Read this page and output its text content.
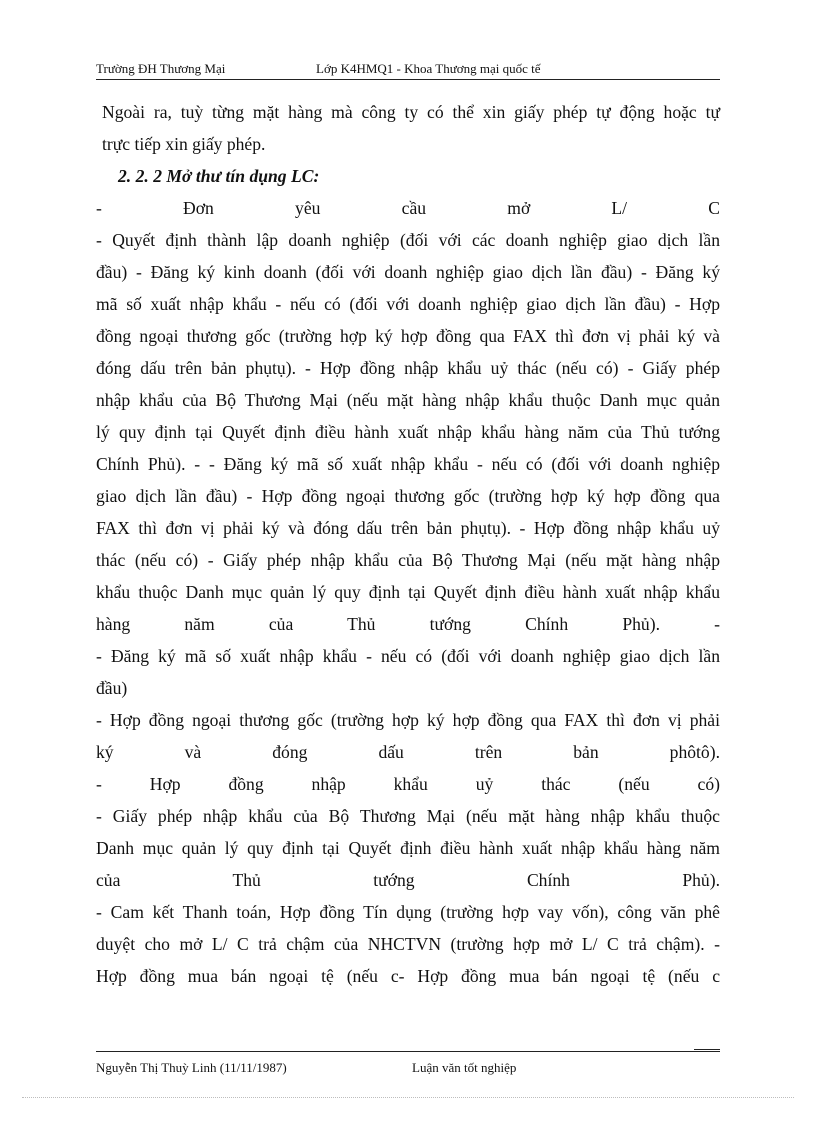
Trường ĐH Thương Mại	Lớp K4HMQ1 - Khoa Thương mại quốc tế
Ngoài ra, tuỳ từng mặt hàng mà công ty có thể xin giấy phép tự động hoặc tự
trực tiếp xin giấy phép.
2. 2. 2 Mở thư tín dụng LC:
- Đơn yêu cầu mở L/ C
- Quyết định thành lập doanh nghiệp (đối với các doanh nghiệp giao dịch lần
đầu) - Đăng ký kinh doanh (đối với doanh nghiệp giao dịch lần đầu) - Đăng ký
mã số xuất nhập khẩu - nếu có (đối với doanh nghiệp giao dịch lần đầu) - Hợp
đồng ngoại thương gốc (trường hợp ký hợp đồng qua FAX thì đơn vị phải ký và
đóng dấu trên bản phụtụ). - Hợp đồng nhập khẩu uỷ thác (nếu có) - Giấy phép
nhập khẩu của Bộ Thương Mại (nếu mặt hàng nhập khẩu thuộc Danh mục quản
lý quy định tại Quyết định điều hành xuất nhập khẩu hàng năm của Thủ tướng
Chính Phủ). - - Đăng ký mã số xuất nhập khẩu - nếu có (đối với doanh nghiệp
giao dịch lần đầu) - Hợp đồng ngoại thương gốc (trường hợp ký hợp đồng qua
FAX thì đơn vị phải ký và đóng dấu trên bản phụtụ). - Hợp đồng nhập khẩu uỷ
thác (nếu có) - Giấy phép nhập khẩu của Bộ Thương Mại (nếu mặt hàng nhập
khẩu thuộc Danh mục quản lý quy định tại Quyết định điều hành xuất nhập khẩu
hàng năm của Thủ tướng Chính Phủ). -
- Đăng ký mã số xuất nhập khẩu - nếu có (đối với doanh nghiệp giao dịch lần
đầu)
- Hợp đồng ngoại thương gốc (trường hợp ký hợp đồng qua FAX thì đơn vị phải
ký và đóng dấu trên bản phôtô).
- Hợp đồng nhập khẩu uỷ thác (nếu có)
- Giấy phép nhập khẩu của Bộ Thương Mại (nếu mặt hàng nhập khẩu thuộc
Danh mục quản lý quy định tại Quyết định điều hành xuất nhập khẩu hàng năm
của Thủ tướng Chính Phủ).
- Cam kết Thanh toán, Hợp đồng Tín dụng (trường hợp vay vốn), công văn phê
duyệt cho mở L/ C trả chậm của NHCTVN (trường hợp mở L/ C trả chậm). -
Hợp đồng mua bán ngoại tệ (nếu c- Hợp đồng mua bán ngoại tệ (nếu c
Nguyễn Thị Thuỳ Linh (11/11/1987)	Luận văn tốt nghiệp
